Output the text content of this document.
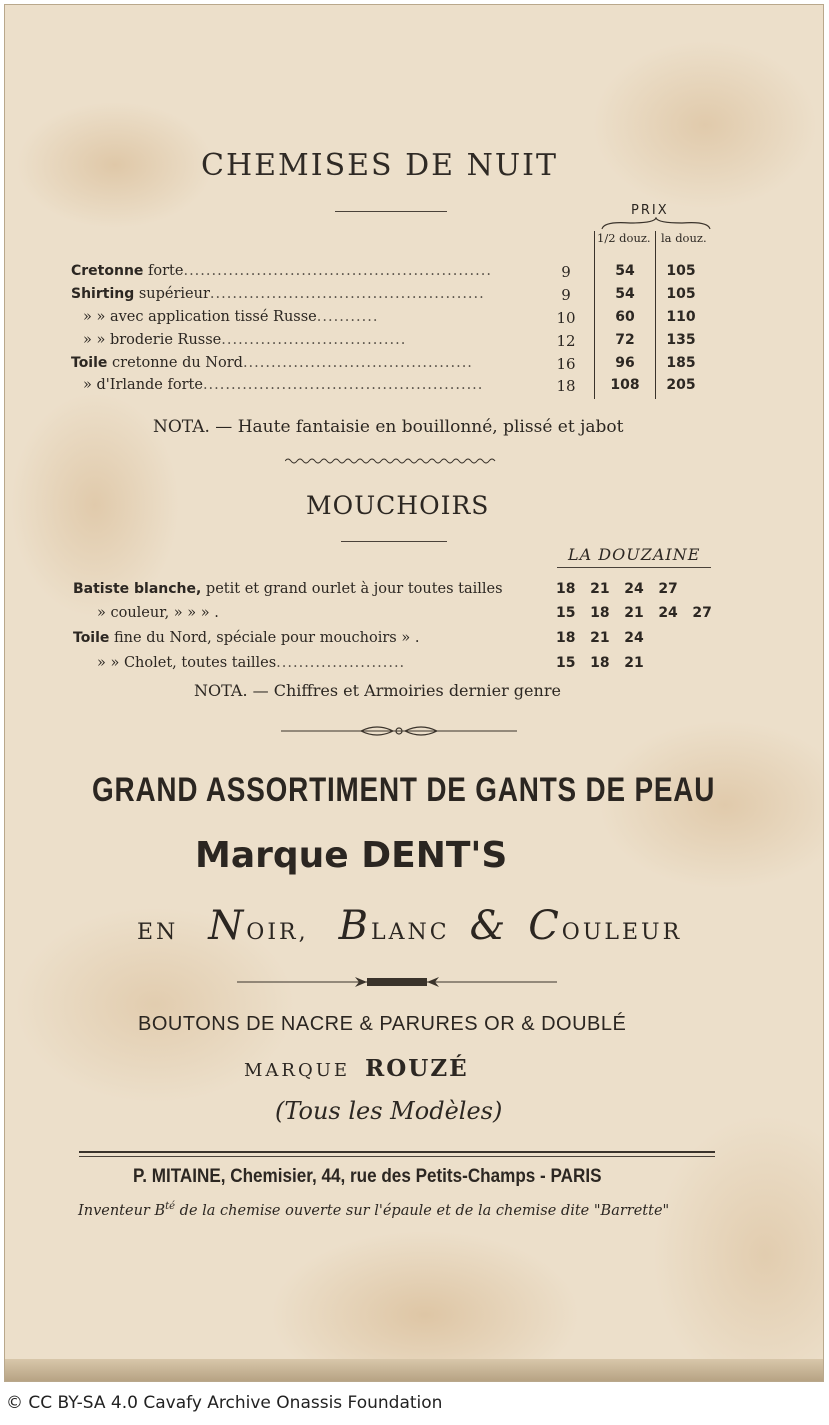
CHEMISES DE NUIT
PRIX
1/2 douz. la douz.
Cretonne forte.......................................................	9	54	105
Shirting supérieur.................................................	9	54	105
» » avec application tissé Russe...........	10	60	110
» » broderie Russe.................................	12	72	135
Toile cretonne du Nord.........................................	16	96	185
» d'Irlande forte..................................................	18	108	205
NOTA. — Haute fantaisie en bouillonné, plissé et jabot
MOUCHOIRS
LA DOUZAINE
Batiste blanche, petit et grand ourlet à jour toutes tailles	18   21   24   27
» couleur, » » » .	15   18   21   24   27
Toile fine du Nord, spéciale pour mouchoirs » .	18   21   24
» » Cholet, toutes tailles.......................	15   18   21
NOTA. — Chiffres et Armoiries dernier genre
GRAND ASSORTIMENT DE GANTS DE PEAU
Marque DENT'S
EN NOIR, BLANC & COULEUR
BOUTONS DE NACRE & PARURES OR & DOUBLÉ
MARQUE ROUZÉ
(Tous les Modèles)
P. MITAINE, Chemisier, 44, rue des Petits-Champs - PARIS
Inventeur $B^{té}$ de la chemise ouverte sur l'épaule et de la chemise dite "Barrette"
© CC BY-SA 4.0 Cavafy Archive Onassis Foundation
